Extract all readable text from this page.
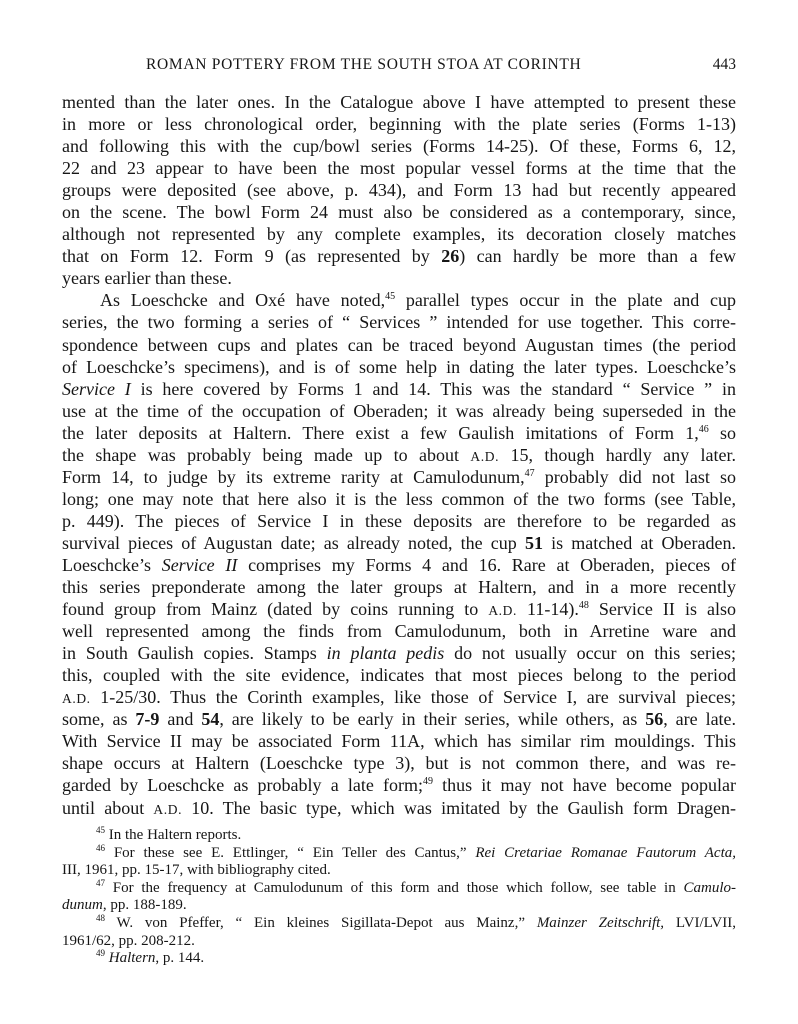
ROMAN POTTERY FROM THE SOUTH STOA AT CORINTH	443
mented than the later ones. In the Catalogue above I have attempted to present these
in more or less chronological order, beginning with the plate series (Forms 1-13)
and following this with the cup/bowl series (Forms 14-25). Of these, Forms 6, 12,
22 and 23 appear to have been the most popular vessel forms at the time that the
groups were deposited (see above, p. 434), and Form 13 had but recently appeared
on the scene. The bowl Form 24 must also be considered as a contemporary, since,
although not represented by any complete examples, its decoration closely matches
that on Form 12. Form 9 (as represented by 26) can hardly be more than a few
years earlier than these.
As Loeschcke and Oxé have noted,$^{45}$ parallel types occur in the plate and cup
series, the two forming a series of “ Services ” intended for use together. This corre-
spondence between cups and plates can be traced beyond Augustan times (the period
of Loeschcke’s specimens), and is of some help in dating the later types. Loeschcke’s
Service I is here covered by Forms 1 and 14. This was the standard “ Service ” in
use at the time of the occupation of Oberaden; it was already being superseded in the
the later deposits at Haltern. There exist a few Gaulish imitations of Form 1,46 so
the shape was probably being made up to about A.D. 15, though hardly any later.
Form 14, to judge by its extreme rarity at Camulodunum,$^{47}$ probably did not last so
long; one may note that here also it is the less common of the two forms (see Table,
p. 449). The pieces of Service I in these deposits are therefore to be regarded as
survival pieces of Augustan date; as already noted, the cup 51 is matched at Oberaden.
Loeschcke’s Service II comprises my Forms 4 and 16. Rare at Oberaden, pieces of
this series preponderate among the later groups at Haltern, and in a more recently
found group from Mainz (dated by coins running to A.D. 11-14).$^{48}$ Service II is also
well represented among the finds from Camulodunum, both in Arretine ware and
in South Gaulish copies. Stamps in planta pedis do not usually occur on this series;
this, coupled with the site evidence, indicates that most pieces belong to the period
A.D. 1-25/30. Thus the Corinth examples, like those of Service I, are survival pieces;
some, as 7-9 and 54, are likely to be early in their series, while others, as 56, are late.
With Service II may be associated Form 11A, which has similar rim mouldings. This
shape occurs at Haltern (Loeschcke type 3), but is not common there, and was re-
garded by Loeschcke as probably a late form;$^{49}$ thus it may not have become popular
until about A.D. 10. The basic type, which was imitated by the Gaulish form Dragen-
$^{45}$ In the Haltern reports.
$^{46}$ For these see E. Ettlinger, “ Ein Teller des Cantus,” Rei Cretariae Romanae Fautorum Acta,
III, 1961, pp. 15-17, with bibliography cited.
$^{47}$ For the frequency at Camulodunum of this form and those which follow, see table in Camulo-
dunum, pp. 188-189.
$^{48}$ W. von Pfeffer, “ Ein kleines Sigillata-Depot aus Mainz,” Mainzer Zeitschrift, LVI/LVII,
1961/62, pp. 208-212.
$^{49}$ Haltern, p. 144.
